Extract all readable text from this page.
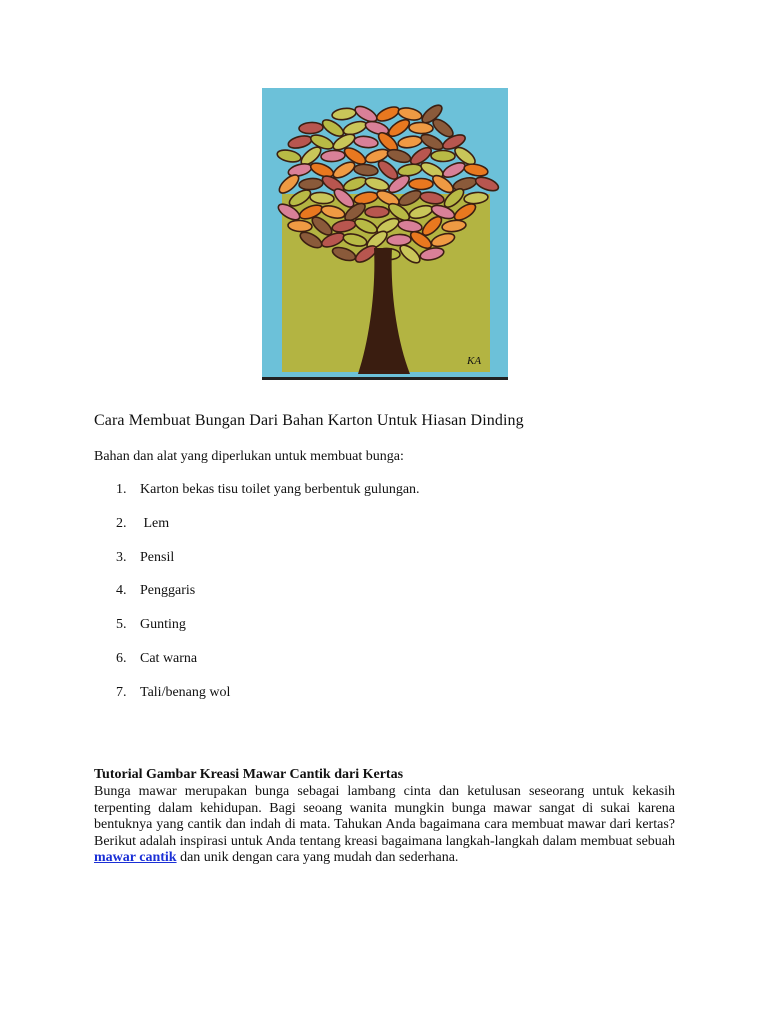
KA
Cara Membuat Bungan Dari Bahan Karton Untuk Hiasan Dinding

Bahan dan alat yang diperlukan untuk membuat bunga:

1. Karton bekas tisu toilet yang berbentuk gulungan.
2. Lem
3. Pensil
4. Penggaris
5. Gunting
6. Cat warna
7. Tali/benang wol
Tutorial Gambar Kreasi Mawar Cantik dari Kertas

Bunga mawar merupakan bunga sebagai lambang cinta dan ketulusan seseorang untuk kekasih terpenting dalam kehidupan. Bagi seoang wanita mungkin bunga mawar sangat di sukai karena bentuknya yang cantik dan indah di mata. Tahukan Anda bagaimana cara membuat mawar dari kertas? Berikut adalah inspirasi untuk Anda tentang kreasi bagaimana langkah-langkah dalam membuat sebuah mawar cantik dan unik dengan cara yang mudah dan sederhana.
